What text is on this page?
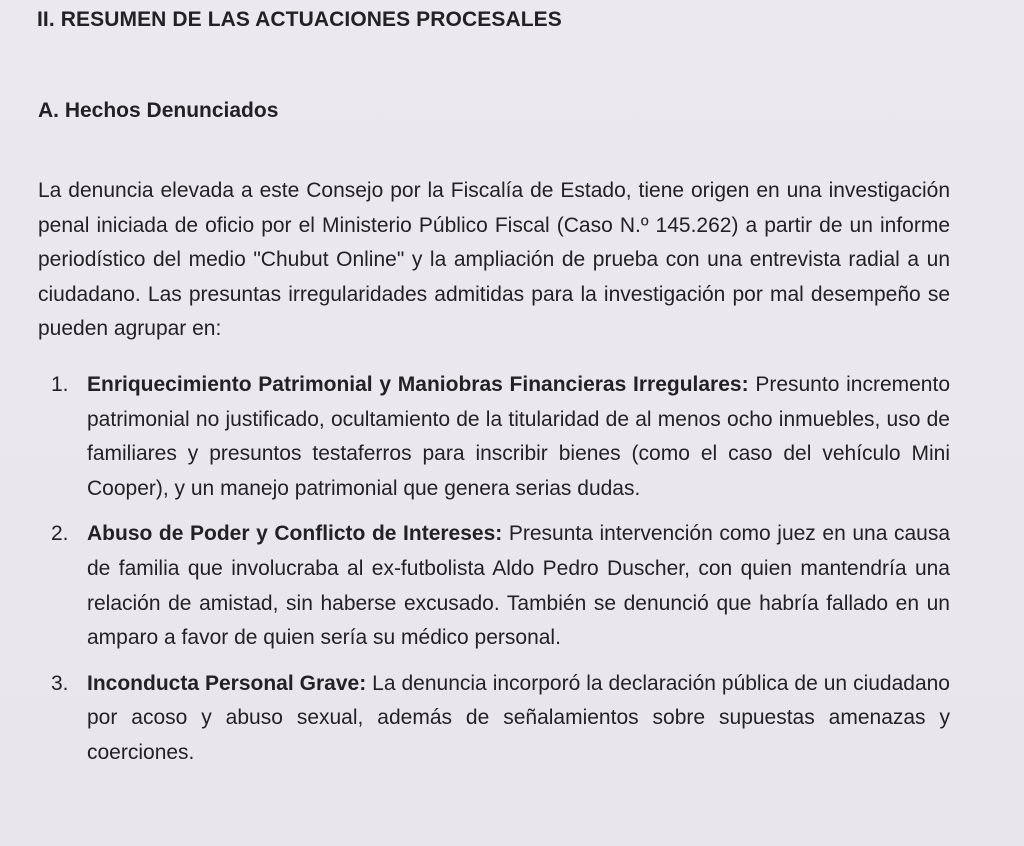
II. RESUMEN DE LAS ACTUACIONES PROCESALES
A. Hechos Denunciados

La denuncia elevada a este Consejo por la Fiscalía de Estado, tiene origen en una investigación penal iniciada de oficio por el Ministerio Público Fiscal (Caso N.º 145.262) a partir de un informe periodístico del medio "Chubut Online" y la ampliación de prueba con una entrevista radial a un ciudadano. Las presuntas irregularidades admitidas para la investigación por mal desempeño se pueden agrupar en:

1. Enriquecimiento Patrimonial y Maniobras Financieras Irregulares: Presunto incremento patrimonial no justificado, ocultamiento de la titularidad de al menos ocho inmuebles, uso de familiares y presuntos testaferros para inscribir bienes (como el caso del vehículo Mini Cooper), y un manejo patrimonial que genera serias dudas.
2. Abuso de Poder y Conflicto de Intereses: Presunta intervención como juez en una causa de familia que involucraba al ex-futbolista Aldo Pedro Duscher, con quien mantendría una relación de amistad, sin haberse excusado. También se denunció que habría fallado en un amparo a favor de quien sería su médico personal.
3. Inconducta Personal Grave: La denuncia incorporó la declaración pública de un ciudadano por acoso y abuso sexual, además de señalamientos sobre supuestas amenazas y coerciones.
